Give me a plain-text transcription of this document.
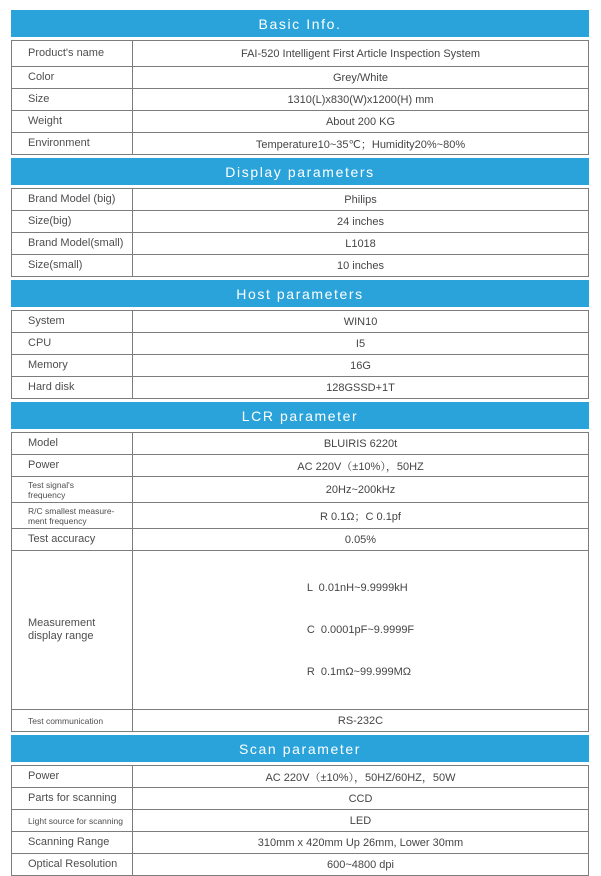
Basic Info.
Product's name	FAI-520 Intelligent First Article Inspection System
Color	Grey/White
Size	1310(L)x830(W)x1200(H) mm
Weight	About 200 KG
Environment	Temperature10~35℃；Humidity20%~80%
Display parameters
Brand Model (big)	Philips
Size(big)	24 inches
Brand Model(small)	L1018
Size(small)	10 inches
Host parameters
System	WIN10
CPU	I5
Memory	16G
Hard disk	128GSSD+1T
LCR parameter
Model	BLUIRIS 6220t
Power	AC 220V（±10%），50HZ
Test signal's
frequency	20Hz~200kHz
R/C smallest measure-
ment frequency	R 0.1Ω；C 0.1pf
Test accuracy	0.05%
Measurement
display range

L  0.01nH~9.9999kH

C  0.0001pF~9.9999F

R  0.1mΩ~99.999MΩ

Test communication	RS-232C
Scan parameter
Power	AC 220V（±10%），50HZ/60HZ，50W
Parts for scanning	CCD
Light source for scanning	LED
Scanning Range	310mm x 420mm Up 26mm, Lower 30mm
Optical Resolution	600~4800 dpi
